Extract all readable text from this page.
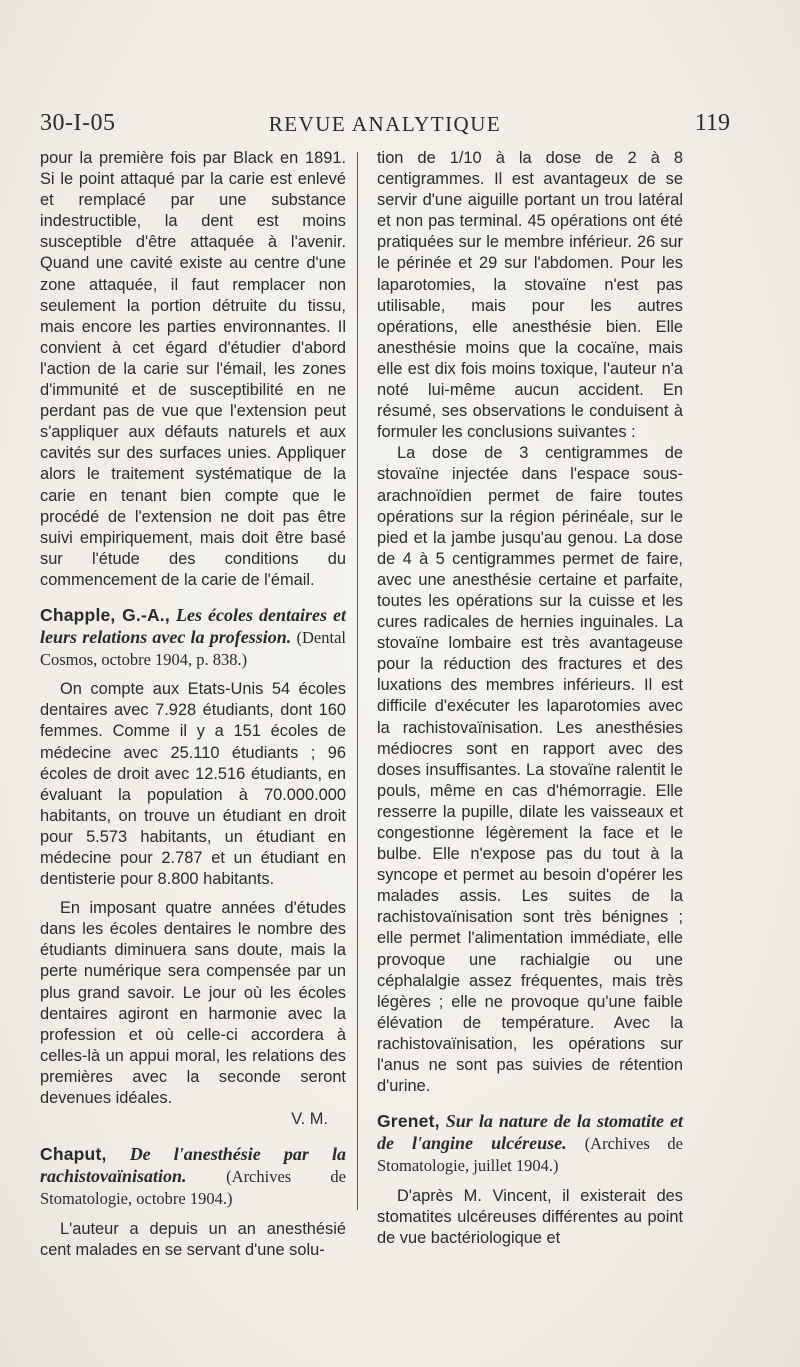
30-I-05	REVUE ANALYTIQUE	119

pour la première fois par Black en 1891. Si le point attaqué par la carie est enlevé et remplacé par une substance indestructible, la dent est moins susceptible d'être attaquée à l'avenir. Quand une cavité existe au centre d'une zone attaquée, il faut remplacer non seulement la portion détruite du tissu, mais encore les parties environnantes. Il convient à cet égard d'étudier d'abord l'action de la carie sur l'émail, les zones d'immunité et de susceptibilité en ne perdant pas de vue que l'extension peut s'appliquer aux défauts naturels et aux cavités sur des surfaces unies. Appliquer alors le traitement systématique de la carie en tenant bien compte que le procédé de l'extension ne doit pas être suivi empiriquement, mais doit être basé sur l'étude des conditions du commencement de la carie de l'émail.

Chapple, G.-A., Les écoles dentaires et leurs relations avec la profession. (Dental Cosmos, octobre 1904, p. 838.)

On compte aux Etats-Unis 54 écoles dentaires avec 7.928 étudiants, dont 160 femmes. Comme il y a 151 écoles de médecine avec 25.110 étudiants ; 96 écoles de droit avec 12.516 étudiants, en évaluant la population à 70.000.000 habitants, on trouve un étudiant en droit pour 5.573 habitants, un étudiant en médecine pour 2.787 et un étudiant en dentisterie pour 8.800 habitants.

En imposant quatre années d'études dans les écoles dentaires le nombre des étudiants diminuera sans doute, mais la perte numérique sera compensée par un plus grand savoir. Le jour où les écoles dentaires agiront en harmonie avec la profession et où celle-ci accordera à celles-là un appui moral, les relations des premières avec la seconde seront devenues idéales.

V. M.

Chaput, De l'anesthésie par la rachistovaïnisation. (Archives de Stomatologie, octobre 1904.)

L'auteur a depuis un an anesthésié cent malades en se servant d'une solu-

tion de 1/10 à la dose de 2 à 8 centigrammes. Il est avantageux de se servir d'une aiguille portant un trou latéral et non pas terminal. 45 opérations ont été pratiquées sur le membre inférieur. 26 sur le périnée et 29 sur l'abdomen. Pour les laparotomies, la stovaïne n'est pas utilisable, mais pour les autres opérations, elle anesthésie bien. Elle anesthésie moins que la cocaïne, mais elle est dix fois moins toxique, l'auteur n'a noté lui-même aucun accident. En résumé, ses observations le conduisent à formuler les conclusions suivantes :

La dose de 3 centigrammes de stovaïne injectée dans l'espace sous-arachnoïdien permet de faire toutes opérations sur la région périnéale, sur le pied et la jambe jusqu'au genou. La dose de 4 à 5 centigrammes permet de faire, avec une anesthésie certaine et parfaite, toutes les opérations sur la cuisse et les cures radicales de hernies inguinales. La stovaïne lombaire est très avantageuse pour la réduction des fractures et des luxations des membres inférieurs. Il est difficile d'exécuter les laparotomies avec la rachistovaïnisation. Les anesthésies médiocres sont en rapport avec des doses insuffisantes. La stovaïne ralentit le pouls, même en cas d'hémorragie. Elle resserre la pupille, dilate les vaisseaux et congestionne légèrement la face et le bulbe. Elle n'expose pas du tout à la syncope et permet au besoin d'opérer les malades assis. Les suites de la rachistovaïnisation sont très bénignes ; elle permet l'alimentation immédiate, elle provoque une rachialgie ou une céphalalgie assez fréquentes, mais très légères ; elle ne provoque qu'une faible élévation de température. Avec la rachistovaïnisation, les opérations sur l'anus ne sont pas suivies de rétention d'urine.

Grenet, Sur la nature de la stomatite et de l'angine ulcéreuse. (Archives de Stomatologie, juillet 1904.)

D'après M. Vincent, il existerait des stomatites ulcéreuses différentes au point de vue bactériologique et
